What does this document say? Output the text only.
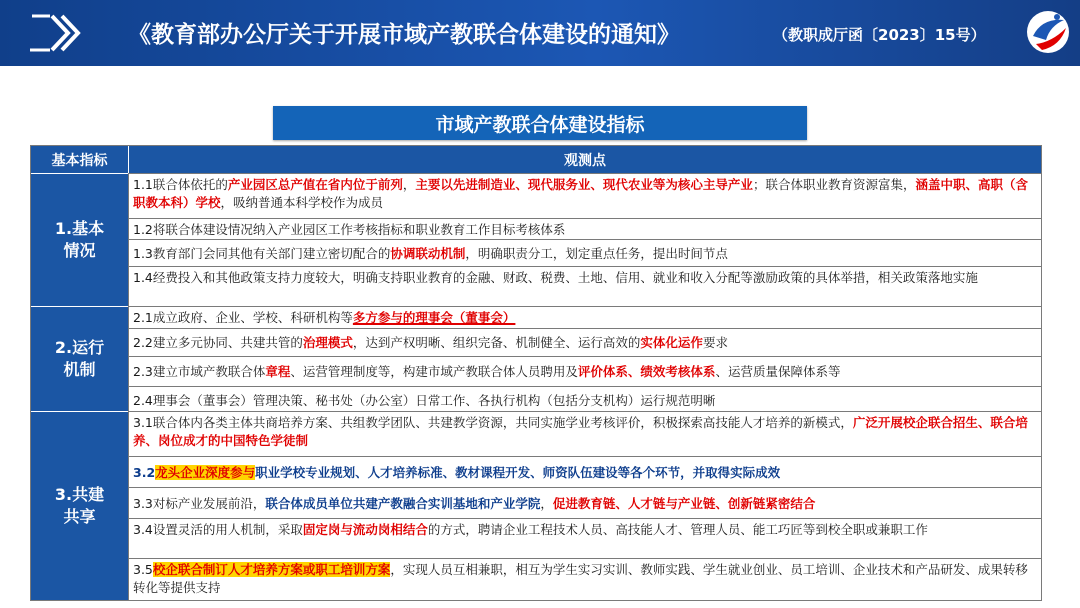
《教育部办公厅关于开展市域产教联合体建设的通知》	（教职成厅函〔2023〕15号）
市域产教联合体建设指标
基本指标	观测点
1.基本
情况
2.运行
机制
3.共建
共享
1.1联合体依托的产业园区总产值在省内位于前列，主要以先进制造业、现代服务业、现代农业等为核心主导产业；联合体职业教育资源富集，涵盖中职、高职（含职教本科）学校，吸纳普通本科学校作为成员
1.2将联合体建设情况纳入产业园区工作考核指标和职业教育工作目标考核体系
1.3教育部门会同其他有关部门建立密切配合的协调联动机制，明确职责分工，划定重点任务，提出时间节点
1.4经费投入和其他政策支持力度较大，明确支持职业教育的金融、财政、税费、土地、信用、就业和收入分配等激励政策的具体举措，相关政策落地实施
2.1成立政府、企业、学校、科研机构等多方参与的理事会（董事会）
2.2建立多元协同、共建共管的治理模式，达到产权明晰、组织完备、机制健全、运行高效的实体化运作要求
2.3建立市域产教联合体章程、运营管理制度等，构建市域产教联合体人员聘用及评价体系、绩效考核体系、运营质量保障体系等
2.4理事会（董事会）管理决策、秘书处（办公室）日常工作、各执行机构（包括分支机构）运行规范明晰
3.1联合体内各类主体共商培养方案、共组教学团队、共建教学资源，共同实施学业考核评价，积极探索高技能人才培养的新模式，广泛开展校企联合招生、联合培养、岗位成才的中国特色学徒制
3.2龙头企业深度参与职业学校专业规划、人才培养标准、教材课程开发、师资队伍建设等各个环节，并取得实际成效
3.3对标产业发展前沿，联合体成员单位共建产教融合实训基地和产业学院，促进教育链、人才链与产业链、创新链紧密结合
3.4设置灵活的用人机制，采取固定岗与流动岗相结合的方式，聘请企业工程技术人员、高技能人才、管理人员、能工巧匠等到校全职或兼职工作
3.5校企联合制订人才培养方案或职工培训方案，实现人员互相兼职，相互为学生实习实训、教师实践、学生就业创业、员工培训、企业技术和产品研发、成果转移转化等提供支持
